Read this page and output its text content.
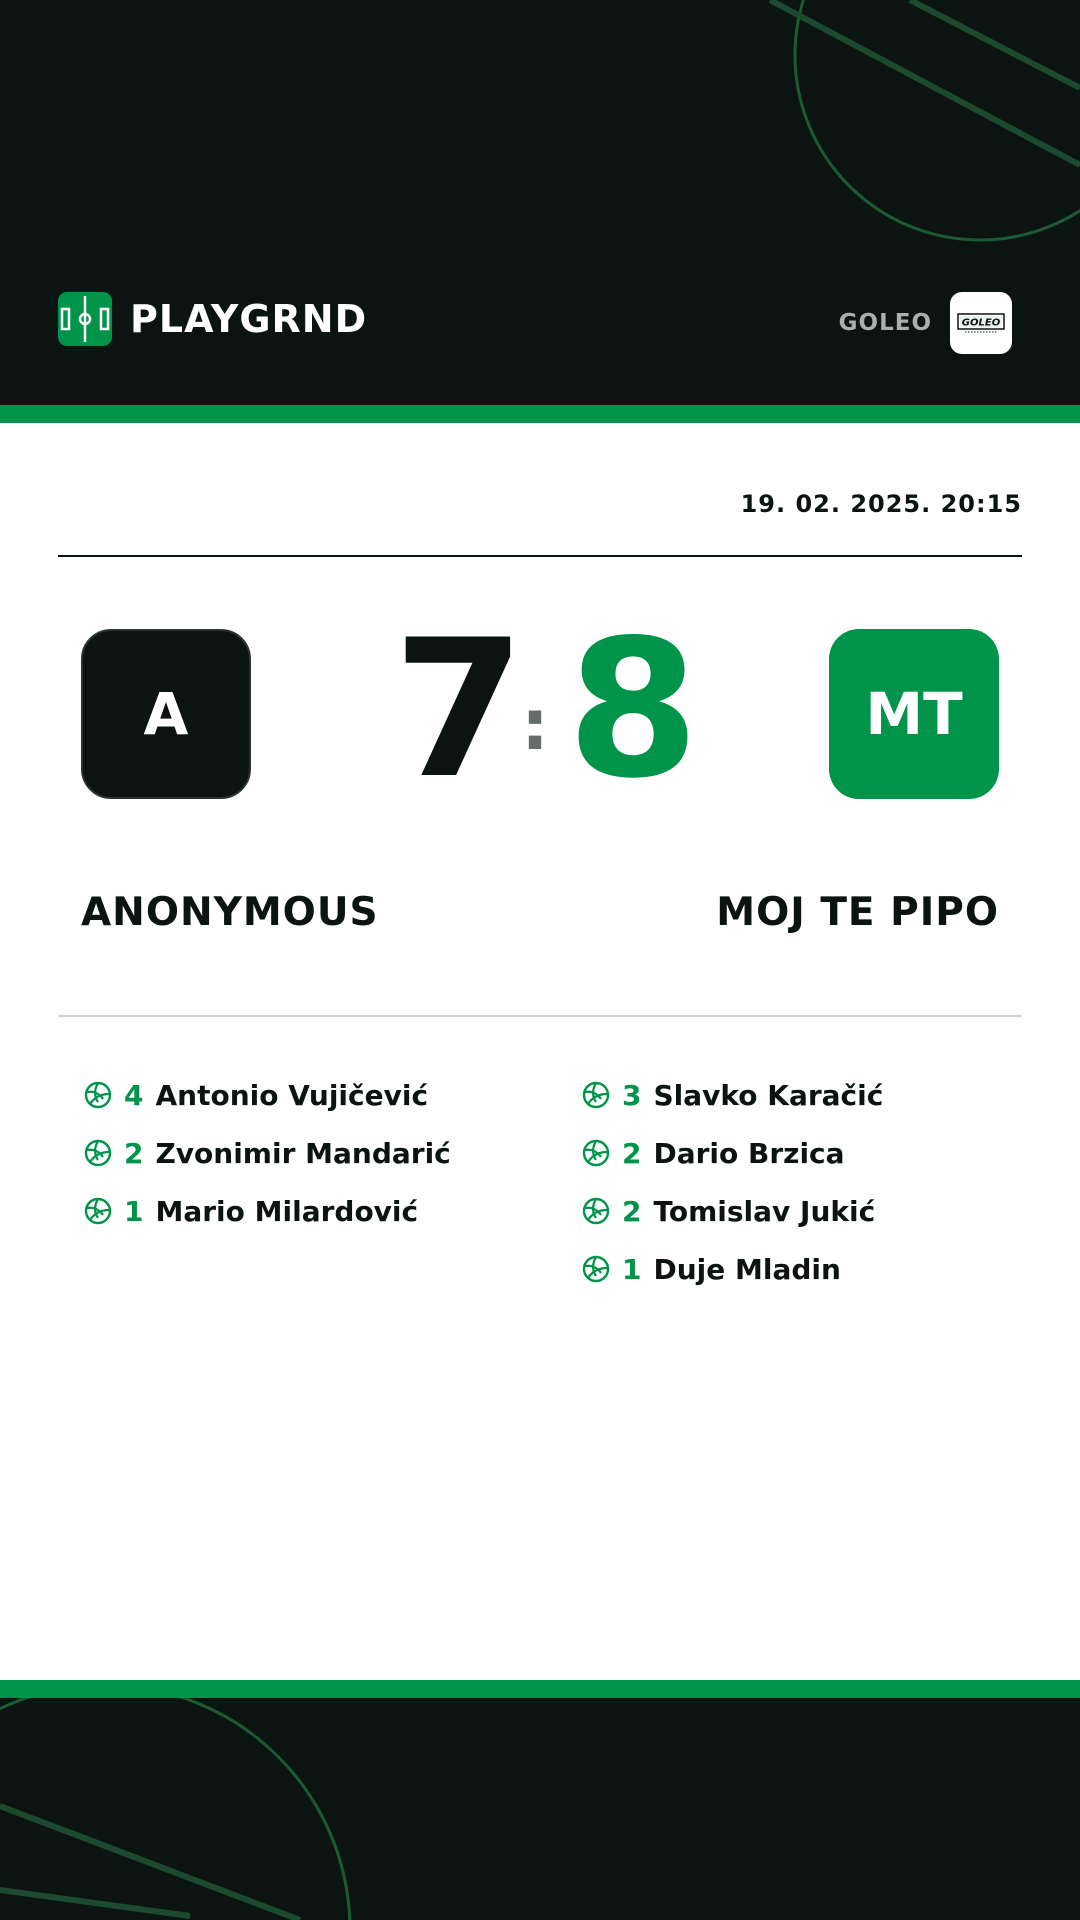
PLAYGRND	GOLEO	GOLEO
19. 02. 2025. 20:15
A	7
: 8	MT
ANONYMOUS	MOJ TE PIPO
4 Antonio Vujičević
2 Zvonimir Mandarić
1 Mario Milardović
3 Slavko Karačić
2 Dario Brzica
2 Tomislav Jukić
1 Duje Mladin
